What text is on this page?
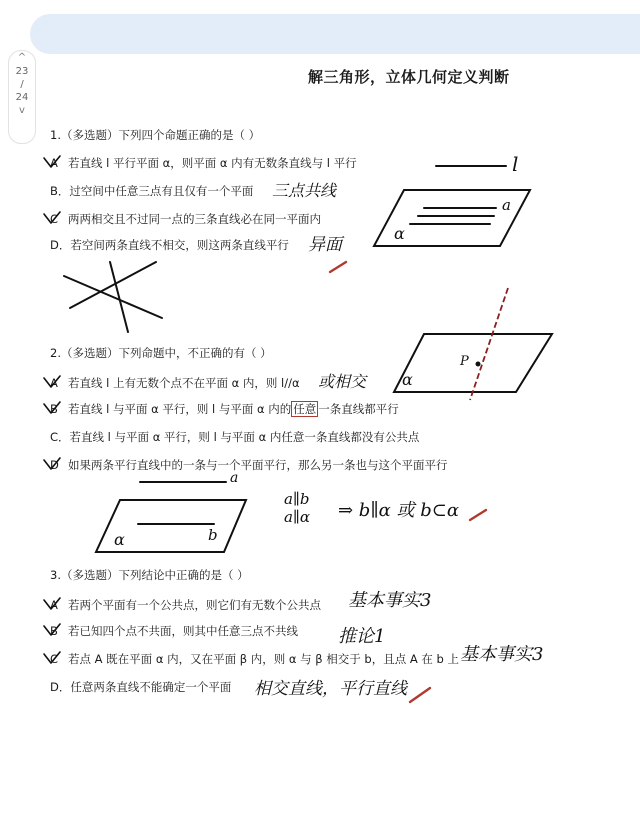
^
23
/
24
v
解三角形，立体几何定义判断
1.（多选题）下列四个命题正确的是（ ）
A 若直线 l 平行平面 α，则平面 α 内有无数条直线与 l 平行
B．过空间中任意三点有且仅有一个平面 三点共线
C 两两相交且不过同一点的三条直线必在同一平面内
D．若空间两条直线不相交，则这两条直线平行 异面
l
a
α
2.（多选题）下列命题中，不正确的有（ ）
A 若直线 l 上有无数个点不在平面 α 内，则 l//α 或相交
B 若直线 l 与平面 α 平行，则 l 与平面 α 内的 任意 一条直线都平行
C．若直线 l 与平面 α 平行，则 l 与平面 α 内任意一条直线都没有公共点
D 如果两条平行直线中的一条与一个平面平行，那么另一条也与这个平面平行
α
P
a
b
α
a∥b
a∥α ⇒ b∥α 或 b⊂α
3.（多选题）下列结论中正确的是（ ）
A 若两个平面有一个公共点，则它们有无数个公共点 基本事实3
B 若已知四个点不共面，则其中任意三点不共线 推论1
C 若点 A 既在平面 α 内，又在平面 β 内，则 α 与 β 相交于 b，且点 A 在 b 上 基本事实3
D．任意两条直线不能确定一个平面 相交直线，平行直线
